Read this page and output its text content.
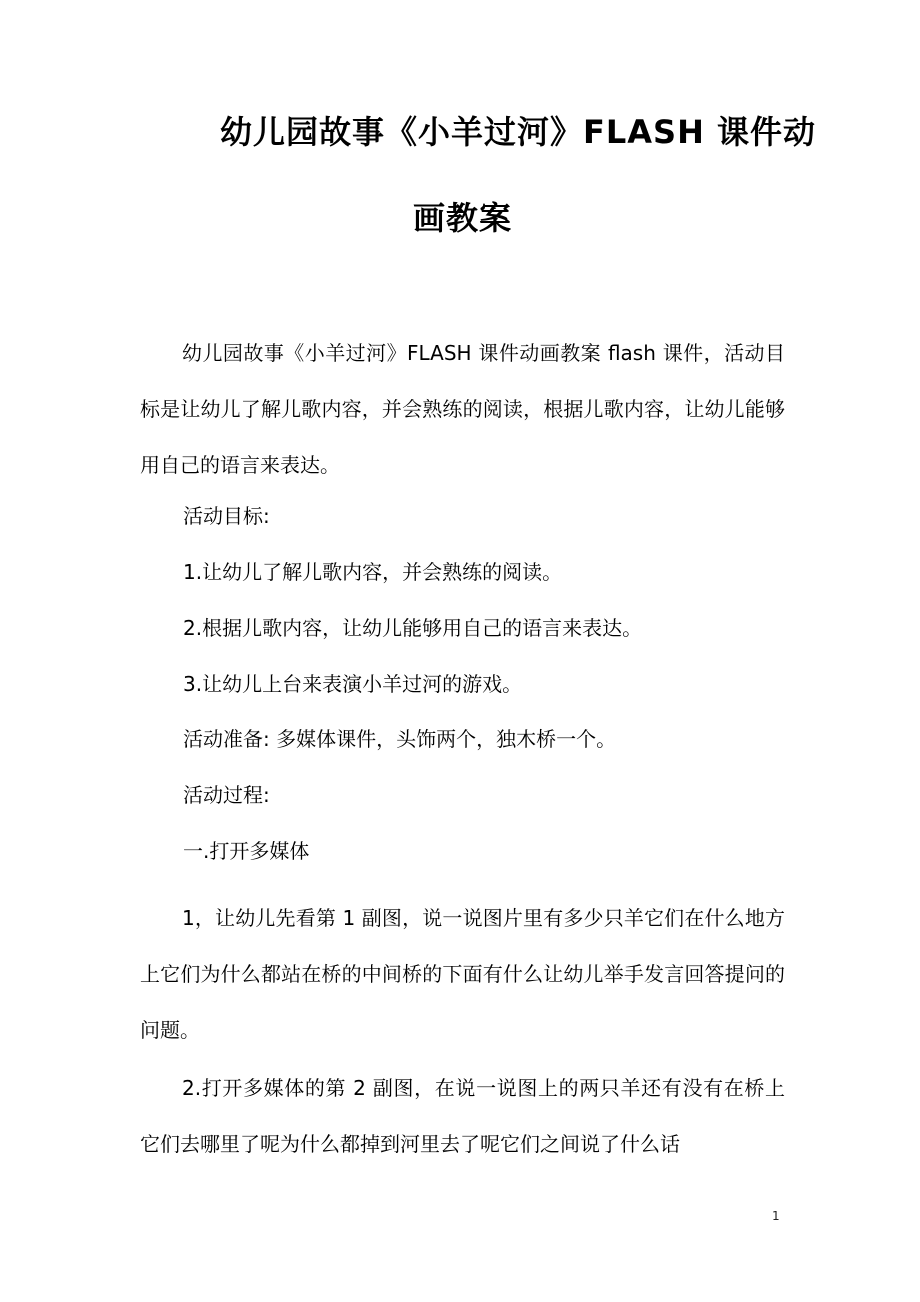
幼儿园故事《小羊过河》FLASH 课件动
画教案

幼儿园故事《小羊过河》FLASH 课件动画教案 flash 课件，活动目标是让幼儿了解儿歌内容，并会熟练的阅读，根据儿歌内容，让幼儿能够用自己的语言来表达。

活动目标:
1.让幼儿了解儿歌内容，并会熟练的阅读。
2.根据儿歌内容，让幼儿能够用自己的语言来表达。
3.让幼儿上台来表演小羊过河的游戏。
活动准备: 多媒体课件，头饰两个，独木桥一个。
活动过程:
一.打开多媒体

1，让幼儿先看第 1 副图，说一说图片里有多少只羊它们在什么地方上它们为什么都站在桥的中间桥的下面有什么让幼儿举手发言回答提问的问题。

2.打开多媒体的第 2 副图，在说一说图上的两只羊还有没有在桥上它们去哪里了呢为什么都掉到河里去了呢它们之间说了什么话

1
